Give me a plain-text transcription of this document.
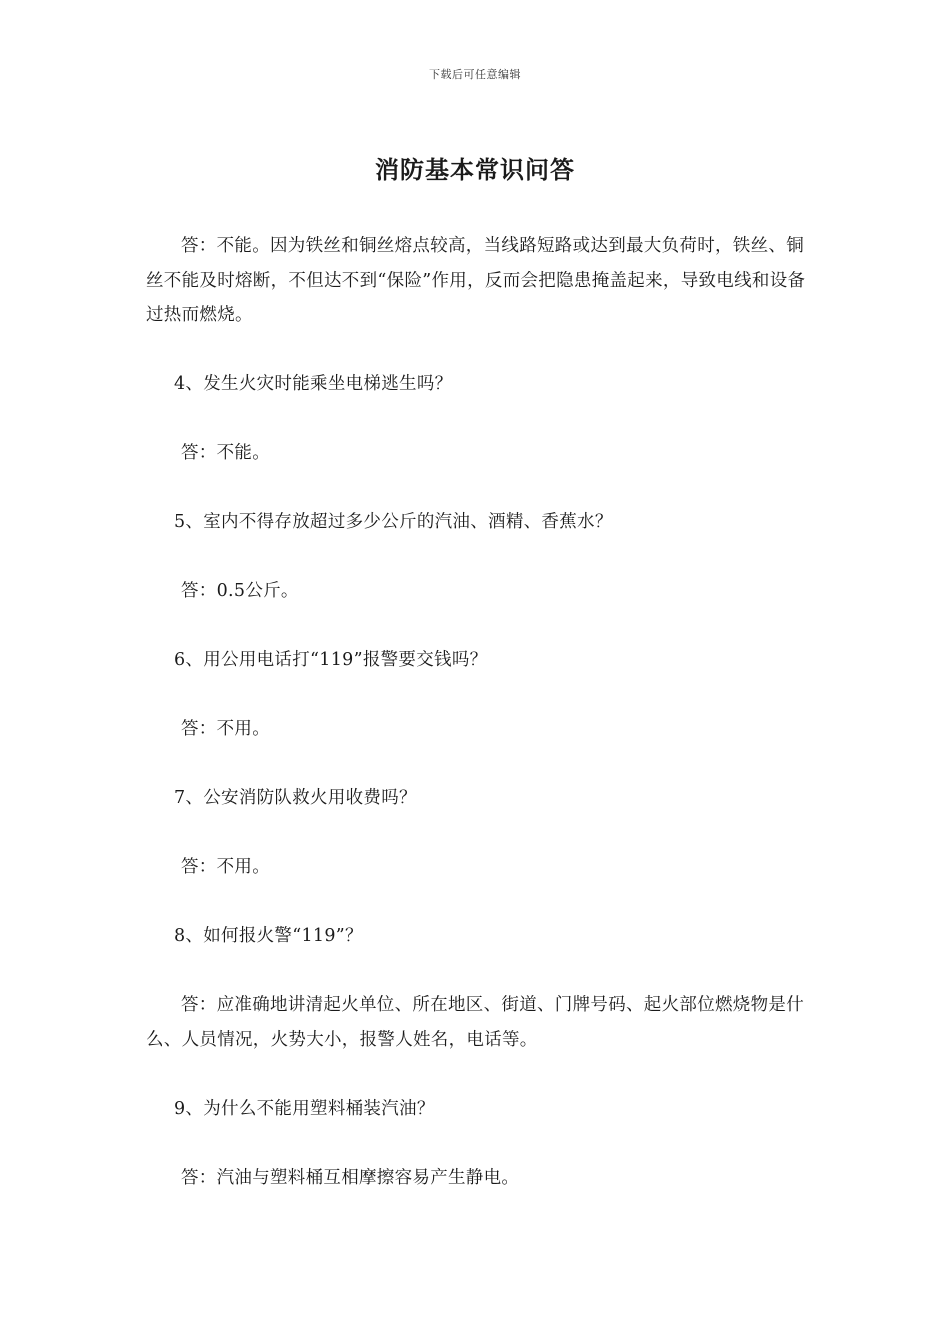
下载后可任意编辑
消防基本常识问答

答：不能。因为铁丝和铜丝熔点较高，当线路短路或达到最大负荷时，铁丝、铜丝不能及时熔断，不但达不到“保险”作用，反而会把隐患掩盖起来，导致电线和设备过热而燃烧。

4、发生火灾时能乘坐电梯逃生吗？

答：不能。

5、室内不得存放超过多少公斤的汽油、酒精、香蕉水？

答：0.5公斤。

6、用公用电话打“119”报警要交钱吗？

答：不用。

7、公安消防队救火用收费吗？

答：不用。

8、如何报火警“119”？

答：应准确地讲清起火单位、所在地区、街道、门牌号码、起火部位燃烧物是什么、人员情况，火势大小，报警人姓名，电话等。

9、为什么不能用塑料桶装汽油？

答：汽油与塑料桶互相摩擦容易产生静电。
